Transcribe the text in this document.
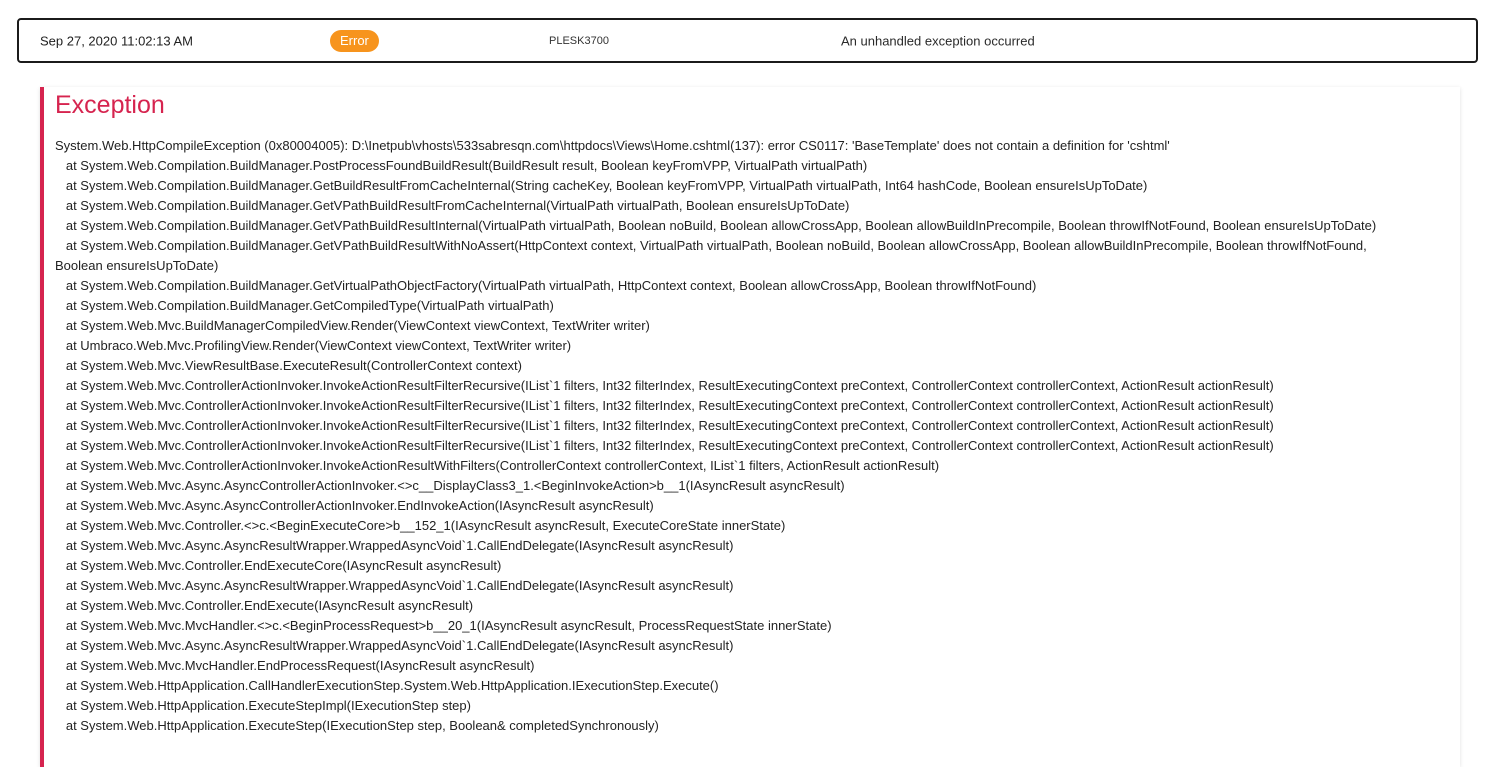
Sep 27, 2020 11:02:13 AM	Error	PLESK3700	An unhandled exception occurred
Exception
System.Web.HttpCompileException (0x80004005): D:\Inetpub\vhosts\533sabresqn.com\httpdocs\Views\Home.cshtml(137): error CS0117: 'BaseTemplate' does not contain a definition for 'cshtml'
at System.Web.Compilation.BuildManager.PostProcessFoundBuildResult(BuildResult result, Boolean keyFromVPP, VirtualPath virtualPath)
at System.Web.Compilation.BuildManager.GetBuildResultFromCacheInternal(String cacheKey, Boolean keyFromVPP, VirtualPath virtualPath, Int64 hashCode, Boolean ensureIsUpToDate)
at System.Web.Compilation.BuildManager.GetVPathBuildResultFromCacheInternal(VirtualPath virtualPath, Boolean ensureIsUpToDate)
at System.Web.Compilation.BuildManager.GetVPathBuildResultInternal(VirtualPath virtualPath, Boolean noBuild, Boolean allowCrossApp, Boolean allowBuildInPrecompile, Boolean throwIfNotFound, Boolean ensureIsUpToDate)
at System.Web.Compilation.BuildManager.GetVPathBuildResultWithNoAssert(HttpContext context, VirtualPath virtualPath, Boolean noBuild, Boolean allowCrossApp, Boolean allowBuildInPrecompile, Boolean throwIfNotFound,
Boolean ensureIsUpToDate)
at System.Web.Compilation.BuildManager.GetVirtualPathObjectFactory(VirtualPath virtualPath, HttpContext context, Boolean allowCrossApp, Boolean throwIfNotFound)
at System.Web.Compilation.BuildManager.GetCompiledType(VirtualPath virtualPath)
at System.Web.Mvc.BuildManagerCompiledView.Render(ViewContext viewContext, TextWriter writer)
at Umbraco.Web.Mvc.ProfilingView.Render(ViewContext viewContext, TextWriter writer)
at System.Web.Mvc.ViewResultBase.ExecuteResult(ControllerContext context)
at System.Web.Mvc.ControllerActionInvoker.InvokeActionResultFilterRecursive(IList`1 filters, Int32 filterIndex, ResultExecutingContext preContext, ControllerContext controllerContext, ActionResult actionResult)
at System.Web.Mvc.ControllerActionInvoker.InvokeActionResultFilterRecursive(IList`1 filters, Int32 filterIndex, ResultExecutingContext preContext, ControllerContext controllerContext, ActionResult actionResult)
at System.Web.Mvc.ControllerActionInvoker.InvokeActionResultFilterRecursive(IList`1 filters, Int32 filterIndex, ResultExecutingContext preContext, ControllerContext controllerContext, ActionResult actionResult)
at System.Web.Mvc.ControllerActionInvoker.InvokeActionResultFilterRecursive(IList`1 filters, Int32 filterIndex, ResultExecutingContext preContext, ControllerContext controllerContext, ActionResult actionResult)
at System.Web.Mvc.ControllerActionInvoker.InvokeActionResultWithFilters(ControllerContext controllerContext, IList`1 filters, ActionResult actionResult)
at System.Web.Mvc.Async.AsyncControllerActionInvoker.<>c__DisplayClass3_1.<BeginInvokeAction>b__1(IAsyncResult asyncResult)
at System.Web.Mvc.Async.AsyncControllerActionInvoker.EndInvokeAction(IAsyncResult asyncResult)
at System.Web.Mvc.Controller.<>c.<BeginExecuteCore>b__152_1(IAsyncResult asyncResult, ExecuteCoreState innerState)
at System.Web.Mvc.Async.AsyncResultWrapper.WrappedAsyncVoid`1.CallEndDelegate(IAsyncResult asyncResult)
at System.Web.Mvc.Controller.EndExecuteCore(IAsyncResult asyncResult)
at System.Web.Mvc.Async.AsyncResultWrapper.WrappedAsyncVoid`1.CallEndDelegate(IAsyncResult asyncResult)
at System.Web.Mvc.Controller.EndExecute(IAsyncResult asyncResult)
at System.Web.Mvc.MvcHandler.<>c.<BeginProcessRequest>b__20_1(IAsyncResult asyncResult, ProcessRequestState innerState)
at System.Web.Mvc.Async.AsyncResultWrapper.WrappedAsyncVoid`1.CallEndDelegate(IAsyncResult asyncResult)
at System.Web.Mvc.MvcHandler.EndProcessRequest(IAsyncResult asyncResult)
at System.Web.HttpApplication.CallHandlerExecutionStep.System.Web.HttpApplication.IExecutionStep.Execute()
at System.Web.HttpApplication.ExecuteStepImpl(IExecutionStep step)
at System.Web.HttpApplication.ExecuteStep(IExecutionStep step, Boolean& completedSynchronously)
